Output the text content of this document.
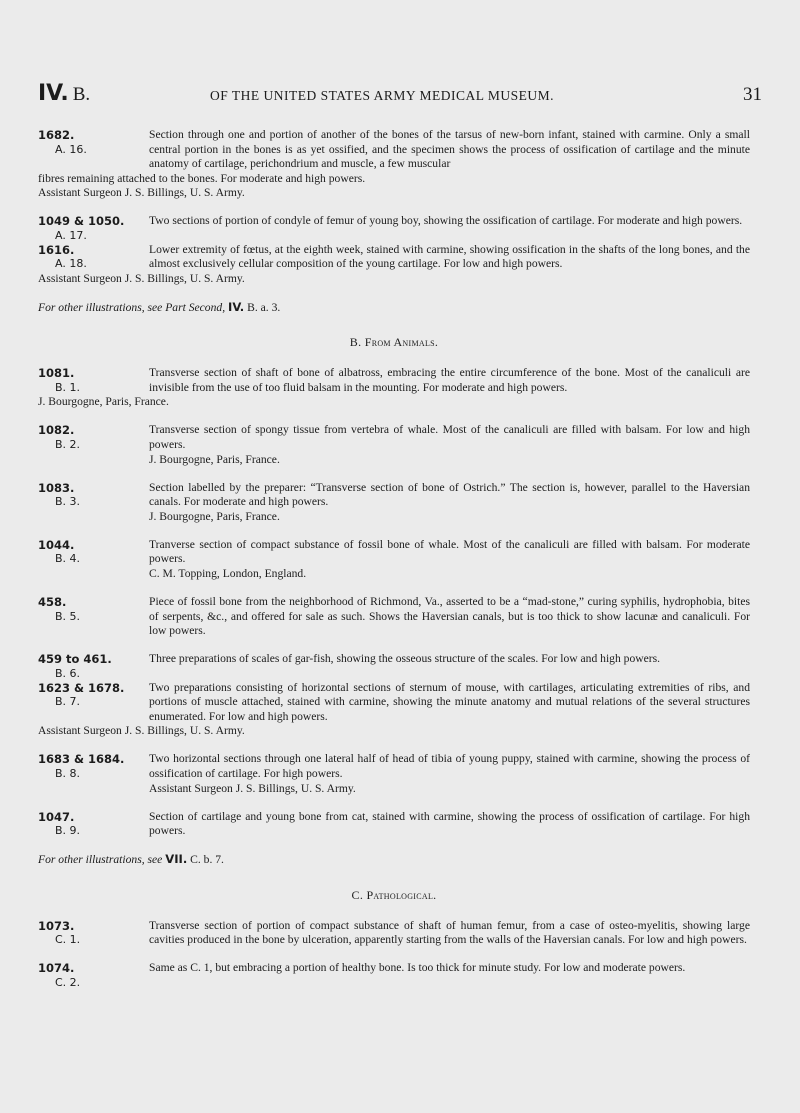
IV. B.	OF THE UNITED STATES ARMY MEDICAL MUSEUM.	31
1682.
A. 16.

Section through one and portion of another of the bones of the tarsus of new-born infant, stained with carmine. Only a small central portion in the bones is as yet ossified, and the specimen shows the process of ossification of cartilage and the minute anatomy of cartilage, perichondrium and muscle, a few muscular

fibres remaining attached to the bones. For moderate and high powers.

Assistant Surgeon J. S. Billings, U. S. Army.

1049 & 1050.
A. 17.

Two sections of portion of condyle of femur of young boy, showing the ossification of cartilage. For moderate and high powers.

1616.
A. 18.

Lower extremity of fœtus, at the eighth week, stained with carmine, showing ossification in the shafts of the long bones, and the almost exclusively cellular composition of the young cartilage. For low and high powers.

Assistant Surgeon J. S. Billings, U. S. Army.

For other illustrations, see Part Second, IV. B. a. 3.

B. From Animals.
1081.
B. 1.

Transverse section of shaft of bone of albatross, embracing the entire circumference of the bone. Most of the canaliculi are invisible from the use of too fluid balsam in the mounting. For moderate and high powers.

J. Bourgogne, Paris, France.

1082.
B. 2.

Transverse section of spongy tissue from vertebra of whale. Most of the canaliculi are filled with balsam. For low and high powers.

J. Bourgogne, Paris, France.

1083.
B. 3.

Section labelled by the preparer: “Transverse section of bone of Ostrich.” The section is, however, parallel to the Haversian canals. For moderate and high powers.

J. Bourgogne, Paris, France.

1044.
B. 4.

Tranverse section of compact substance of fossil bone of whale. Most of the canaliculi are filled with balsam. For moderate powers.

C. M. Topping, London, England.

458.
B. 5.

Piece of fossil bone from the neighborhood of Richmond, Va., asserted to be a “mad-stone,” curing syphilis, hydrophobia, bites of serpents, &c., and offered for sale as such. Shows the Haversian canals, but is too thick to show lacunæ and canaliculi. For low powers.

459 to 461.
B. 6.

Three preparations of scales of gar-fish, showing the osseous structure of the scales. For low and high powers.

1623 & 1678.
B. 7.

Two preparations consisting of horizontal sections of sternum of mouse, with cartilages, articulating extremities of ribs, and portions of muscle attached, stained with carmine, showing the minute anatomy and mutual relations of the several structures enumerated. For low and high powers.

Assistant Surgeon J. S. Billings, U. S. Army.

1683 & 1684.
B. 8.

Two horizontal sections through one lateral half of head of tibia of young puppy, stained with carmine, showing the process of ossification of cartilage. For high powers.

Assistant Surgeon J. S. Billings, U. S. Army.

1047.
B. 9.

Section of cartilage and young bone from cat, stained with carmine, showing the process of ossification of cartilage. For high powers.

For other illustrations, see VII. C. b. 7.

C. Pathological.
1073.
C. 1.

Transverse section of portion of compact substance of shaft of human femur, from a case of osteo-myelitis, showing large cavities produced in the bone by ulceration, apparently starting from the walls of the Haversian canals. For low and high powers.

1074.
C. 2.

Same as C. 1, but embracing a portion of healthy bone. Is too thick for minute study. For low and moderate powers.
